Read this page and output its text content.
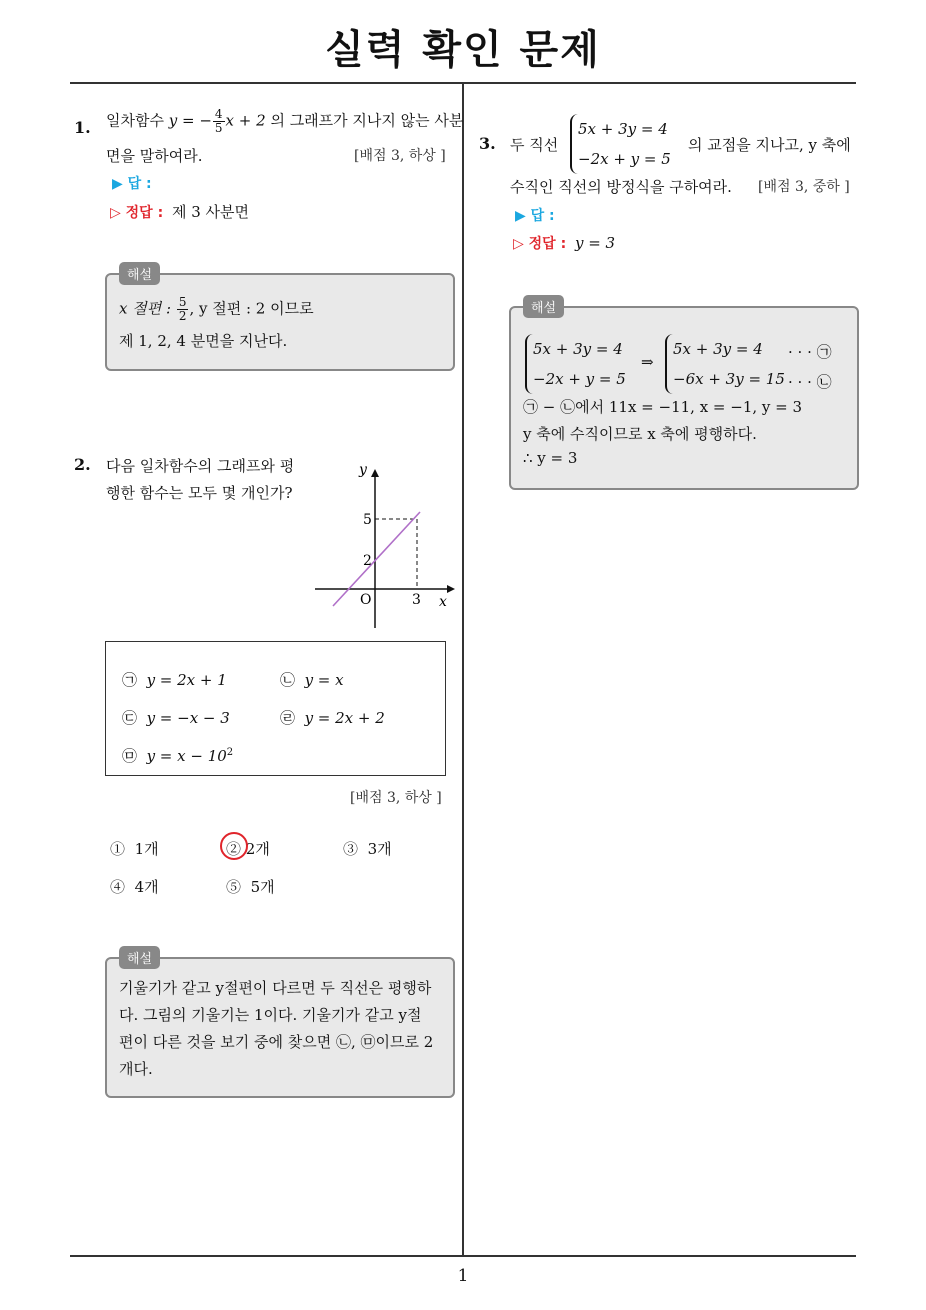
실력 확인 문제
1
1. 일차함수 y = − $\frac{4}{5}$ x + 2 의 그래프가 지나지 않는 사분
면을 말하여라.	[배점 3, 하상 ]
▶ 답 :
▷ 정답 : 제 3 사분면
해설
x 절편 : $\frac{5}{2}$ , y 절편 : 2 이므로
제 1, 2, 4 분면을 지난다.
2. 다음 일차함수의 그래프와 평
행한 함수는 모두 몇 개인가?
y
x
O
5
2
3
㉠ y = 2x + 1	㉡ y = x
㉢ y = −x − 3	㉣ y = 2x + 2
㉤ $y = x - 10^2$
[배점 3, 하상 ]
① 1개	② 2개	③ 3개
④ 4개	⑤ 5개
해설
기울기가 같고 y절편이 다르면 두 직선은 평행하
다. 그림의 기울기는 1이다. 기울기가 같고 y절
편이 다른 것을 보기 중에 찾으면 ㉡, ㉤이므로 2
개다.
3. 두 직선
5x + 3y = 4
−2x + y = 5
의 교점을 지나고, y 축에
수직인 직선의 방정식을 구하여라. [배점 3, 중하 ]
▶ 답 :
▷ 정답 : y = 3
해설
5x + 3y = 4
−2x + y = 5
⇒
5x + 3y = 4
−6x + 3y = 15
· · · ㉠
· · · ㉡
㉠ − ㉡에서 11x = −11, x = −1, y = 3
y 축에 수직이므로 x 축에 평행하다.
∴ y = 3
